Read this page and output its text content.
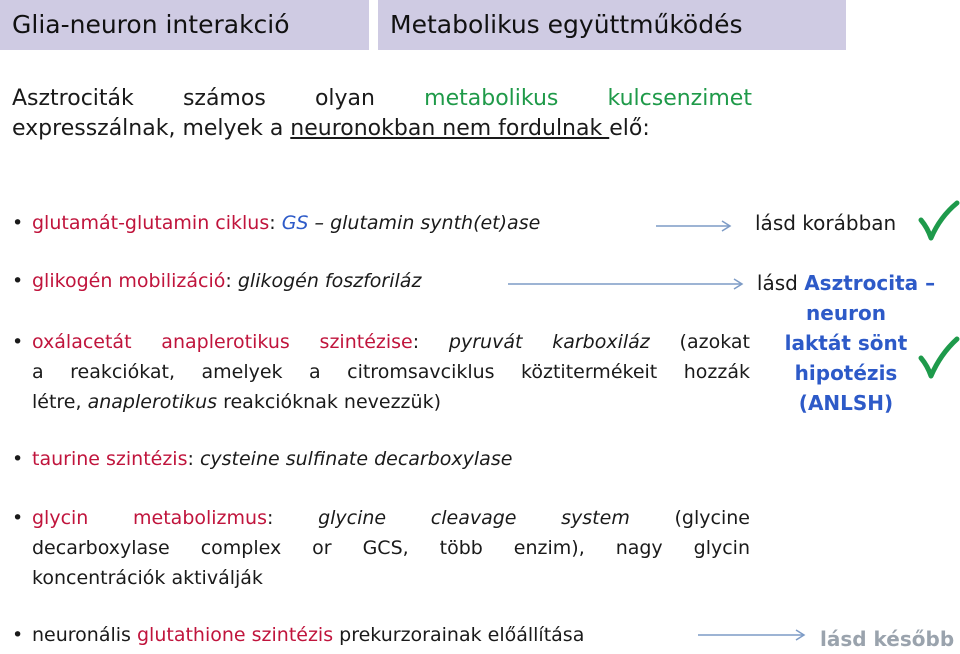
Glia-neuron interakció	Metabolikus együttműködés
Asztrociták számos olyan metabolikus kulcsenzimet
expresszálnak, melyek a neuronokban nem fordulnak elő:
• glutamát-glutamin ciklus: GS – glutamin synth(et)ase
• glikogén mobilizáció: glikogén foszforiláz
• oxálacetát anaplerotikus szintézise: pyruvát karboxiláz (azokat
a reakciókat, amelyek a citromsavciklus köztitermékeit hozzák
létre, anaplerotikus reakcióknak nevezzük)
• taurine szintézis: cysteine sulfinate decarboxylase
• glycin metabolizmus: glycine cleavage system (glycine
decarboxylase complex or GCS, több enzim), nagy glycin
koncentrációk aktiválják
• neuronális glutathione szintézis prekurzorainak előállítása
lásd korábban
lásd Asztrocita –
neuron
laktát sönt
hipotézis
(ANLSH)
lásd később
